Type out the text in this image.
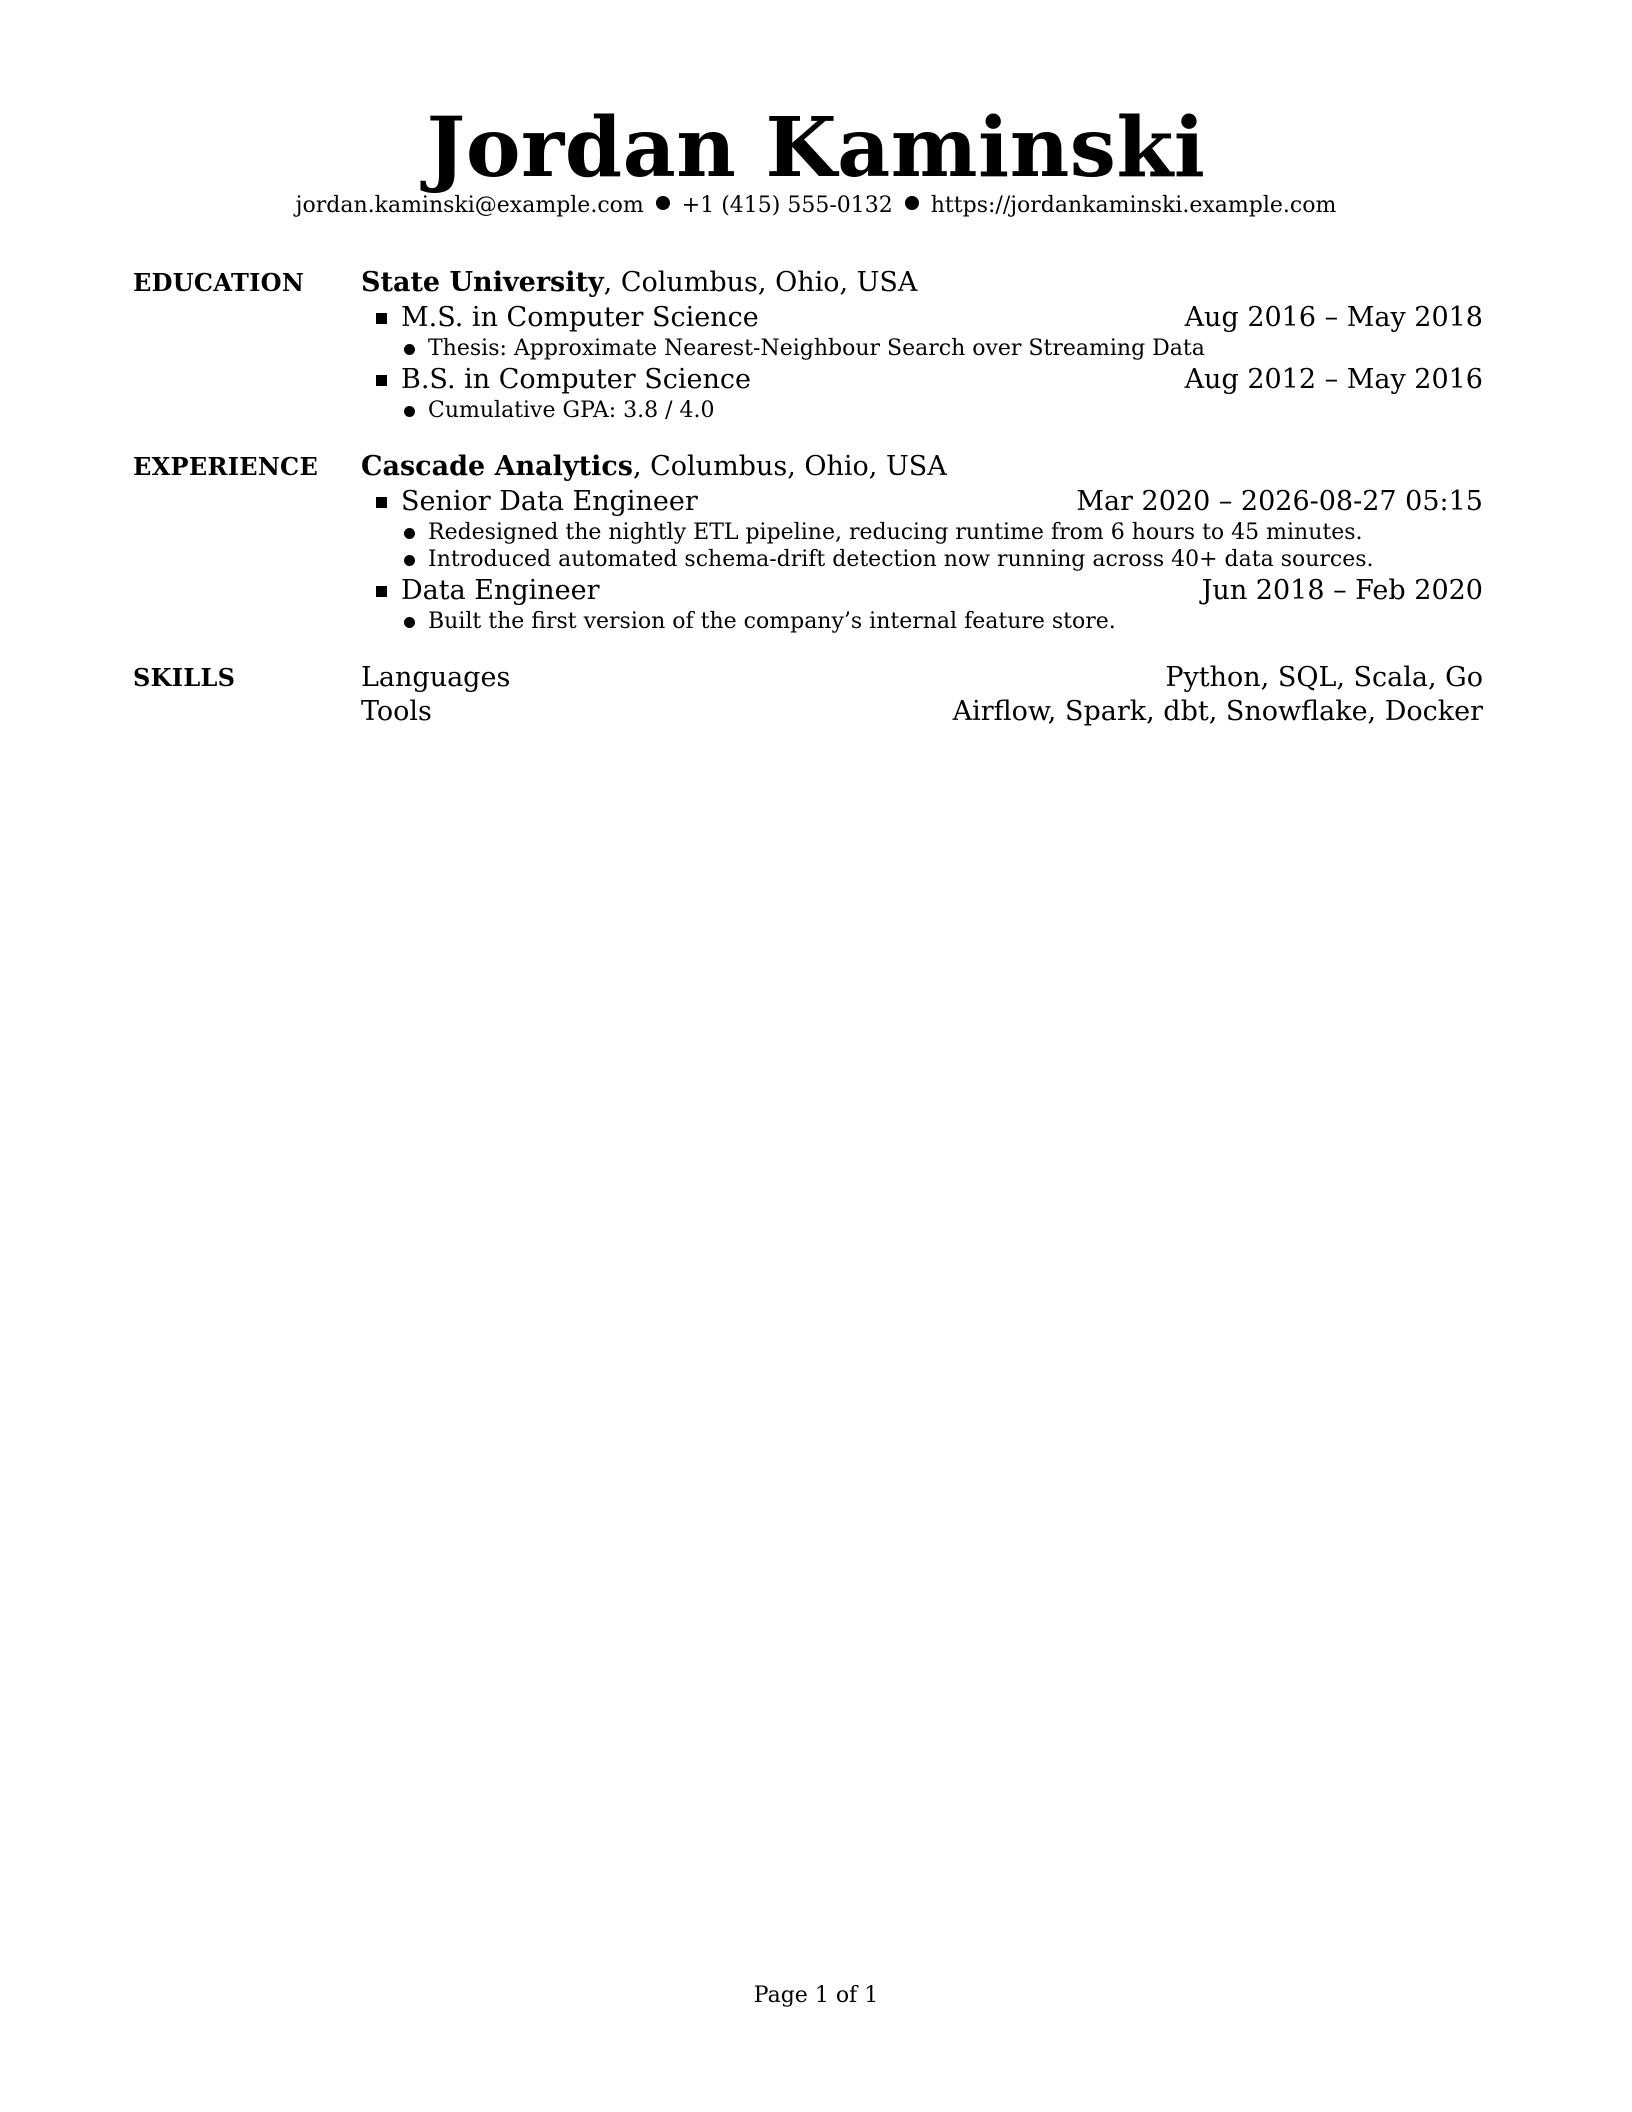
Jordan Kaminski
jordan.kaminski@example.com +1 (415) 555-0132 https://jordankaminski.example.com
EDUCATION State University, Columbus, Ohio, USA
M.S. in Computer Science	Aug 2016 – May 2018
Thesis: Approximate Nearest-Neighbour Search over Streaming Data
B.S. in Computer Science	Aug 2012 – May 2016
Cumulative GPA: 3.8 / 4.0
EXPERIENCE Cascade Analytics, Columbus, Ohio, USA
Senior Data Engineer	Mar 2020 – 2026-08-27 05:15
Redesigned the nightly ETL pipeline, reducing runtime from 6 hours to 45 minutes.
Introduced automated schema-drift detection now running across 40+ data sources.
Data Engineer	Jun 2018 – Feb 2020
Built the first version of the company’s internal feature store.
SKILLS	Languages	Python, SQL, Scala, Go
Tools	Airflow, Spark, dbt, Snowflake, Docker
Page 1 of 1
